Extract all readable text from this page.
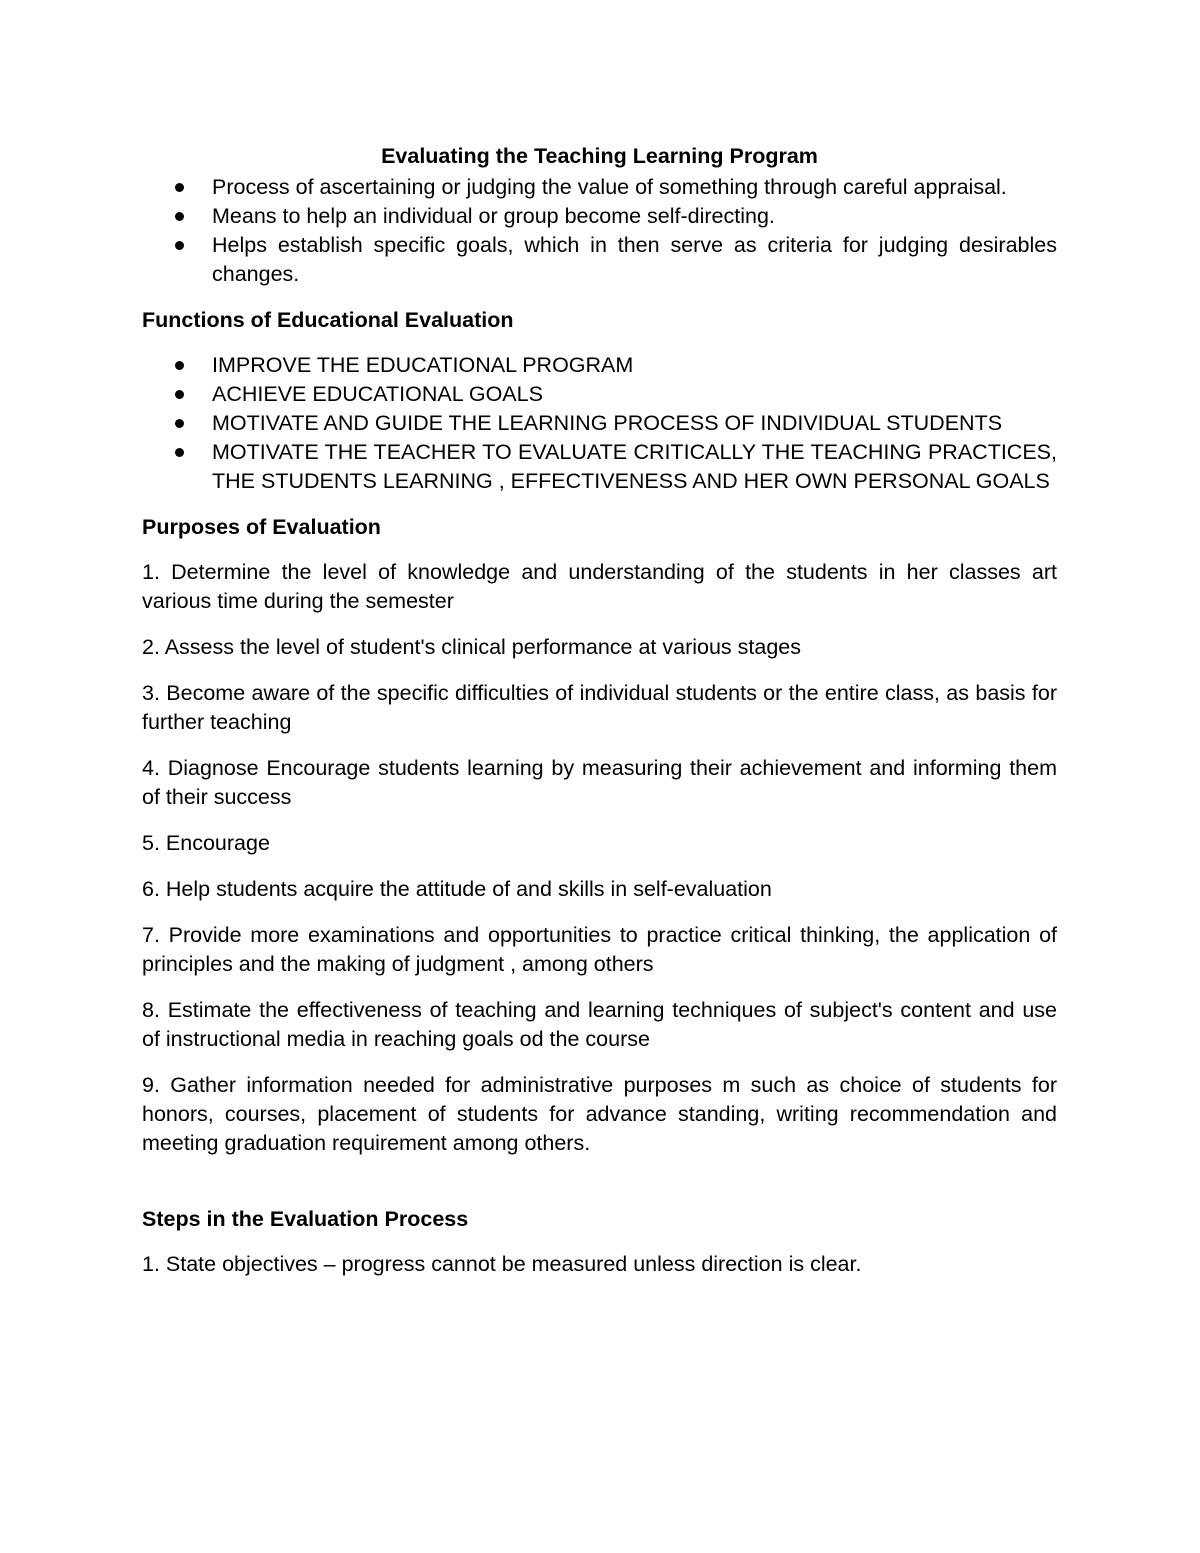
Evaluating the Teaching Learning Program
Process of ascertaining or judging the value of something through careful appraisal.
Means to help an individual or group become self-directing.
Helps establish specific goals, which in then serve as criteria for judging desirables changes.
Functions of Educational Evaluation
IMPROVE THE EDUCATIONAL PROGRAM
ACHIEVE EDUCATIONAL GOALS
MOTIVATE AND GUIDE THE LEARNING PROCESS OF INDIVIDUAL STUDENTS
MOTIVATE THE TEACHER TO EVALUATE CRITICALLY THE TEACHING PRACTICES, THE STUDENTS LEARNING , EFFECTIVENESS AND HER OWN PERSONAL GOALS
Purposes of Evaluation

1. Determine the level of knowledge and understanding of the students in her classes art various time during the semester

2. Assess the level of student's clinical performance at various stages

3. Become aware of the specific difficulties of individual students or the entire class, as basis for further teaching

4. Diagnose Encourage students learning by measuring their achievement and informing them of their success

5. Encourage

6. Help students acquire the attitude of and skills in self-evaluation

7. Provide more examinations and opportunities to practice critical thinking, the application of principles and the making of judgment , among others

8. Estimate the effectiveness of teaching and learning techniques of subject's content and use of instructional media in reaching goals od the course

9. Gather information needed for administrative purposes m such as choice of students for honors, courses, placement of students for advance standing, writing recommendation and meeting graduation requirement among others.

Steps in the Evaluation Process

1. State objectives – progress cannot be measured unless direction is clear.
